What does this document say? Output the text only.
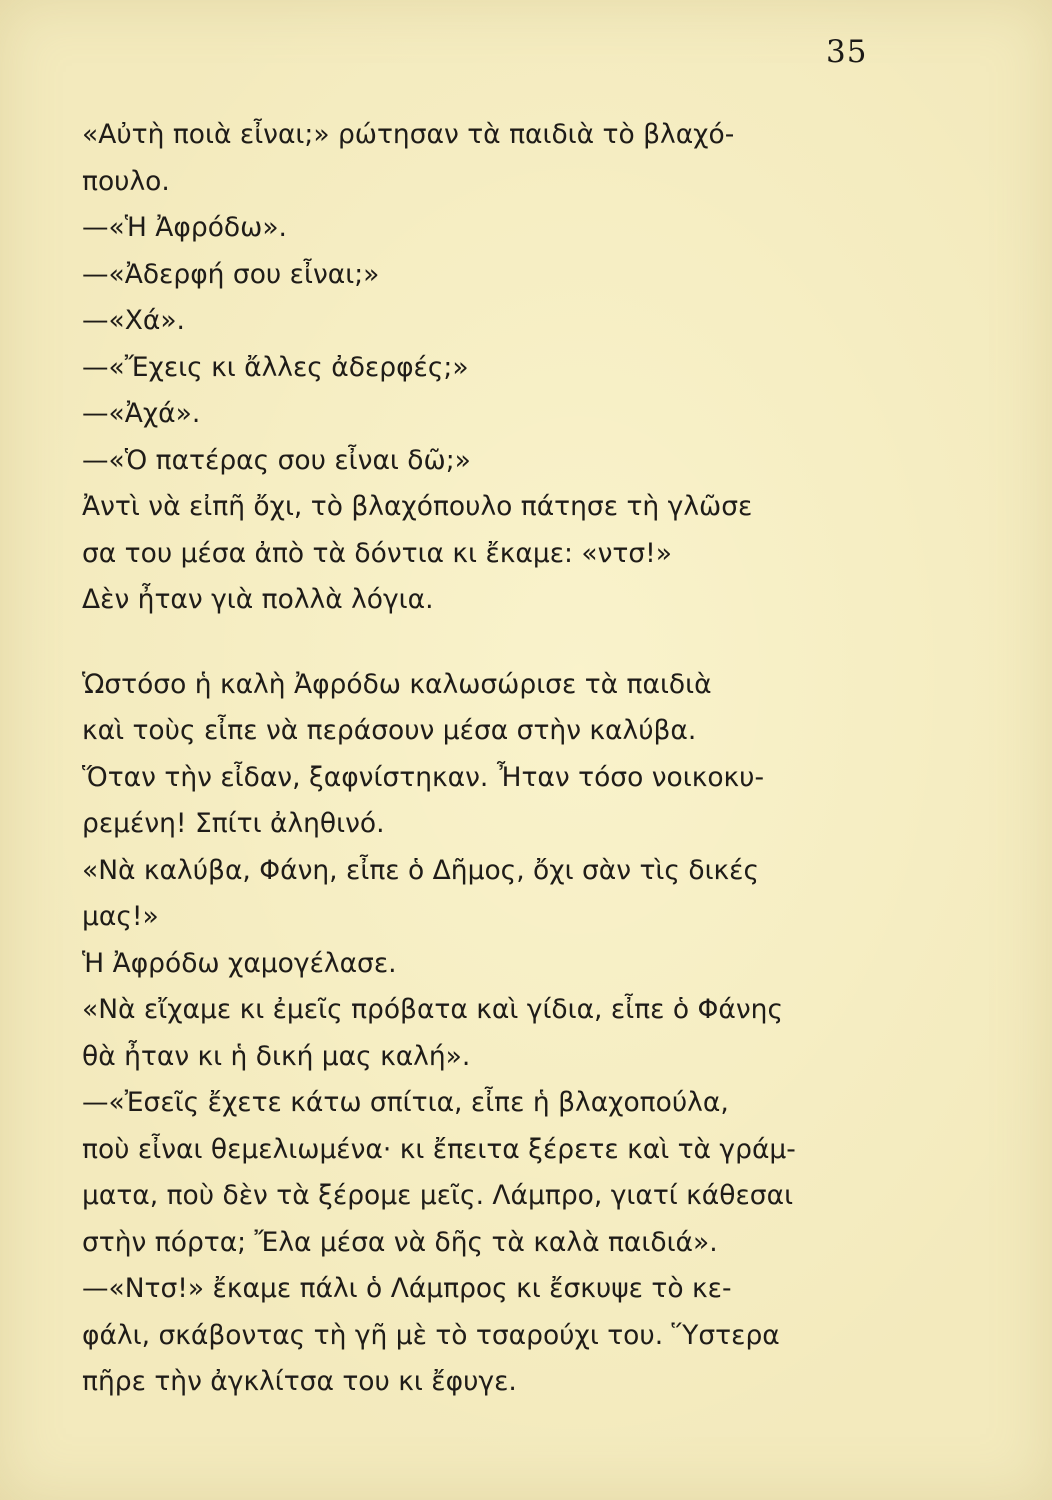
35
«Αὐτὴ ποιὰ εἶναι;» ρώτησαν τὰ παιδιὰ τὸ βλαχό-
πουλο.
—«Ἡ Ἀφρόδω».
—«Ἀδερφή σου εἶναι;»
—«Χά».
—«Ἔχεις κι ἄλλες ἀδερφές;»
—«Ἀχά».
—«Ὁ πατέρας σου εἶναι δῶ;»
Ἀντὶ νὰ εἰπῆ ὄχι, τὸ βλαχόπουλο πάτησε τὴ γλῶσε
σα του μέσα ἀπὸ τὰ δόντια κι ἔκαμε: «ντσ!»
Δὲν ἦταν γιὰ πολλὰ λόγια.
Ὡστόσο ἡ καλὴ Ἀφρόδω καλωσώρισε τὰ παιδιὰ
καὶ τοὺς εἶπε νὰ περάσουν μέσα στὴν καλύβα.
Ὅταν τὴν εἶδαν, ξαφνίστηκαν. Ἦταν τόσο νοικοκυ-
ρεμένη! Σπίτι ἀληθινό.
«Νὰ καλύβα, Φάνη, εἶπε ὁ Δῆμος, ὄχι σὰν τὶς δικές
μας!»
Ἡ Ἀφρόδω χαμογέλασε.
«Νὰ εἴχαμε κι ἐμεῖς πρόβατα καὶ γίδια, εἶπε ὁ Φάνης
θὰ ἦταν κι ἡ δική μας καλή».
—«Ἐσεῖς ἔχετε κάτω σπίτια, εἶπε ἡ βλαχοπούλα,
ποὺ εἶναι θεμελιωμένα· κι ἔπειτα ξέρετε καὶ τὰ γράμ-
ματα, ποὺ δὲν τὰ ξέρομε μεῖς. Λάμπρο, γιατί κάθεσαι
στὴν πόρτα; Ἔλα μέσα νὰ δῆς τὰ καλὰ παιδιά».
—«Ντσ!» ἔκαμε πάλι ὁ Λάμπρος κι ἔσκυψε τὸ κε-
φάλι, σκάβοντας τὴ γῆ μὲ τὸ τσαρούχι του. Ὕστερα
πῆρε τὴν ἀγκλίτσα του κι ἔφυγε.
